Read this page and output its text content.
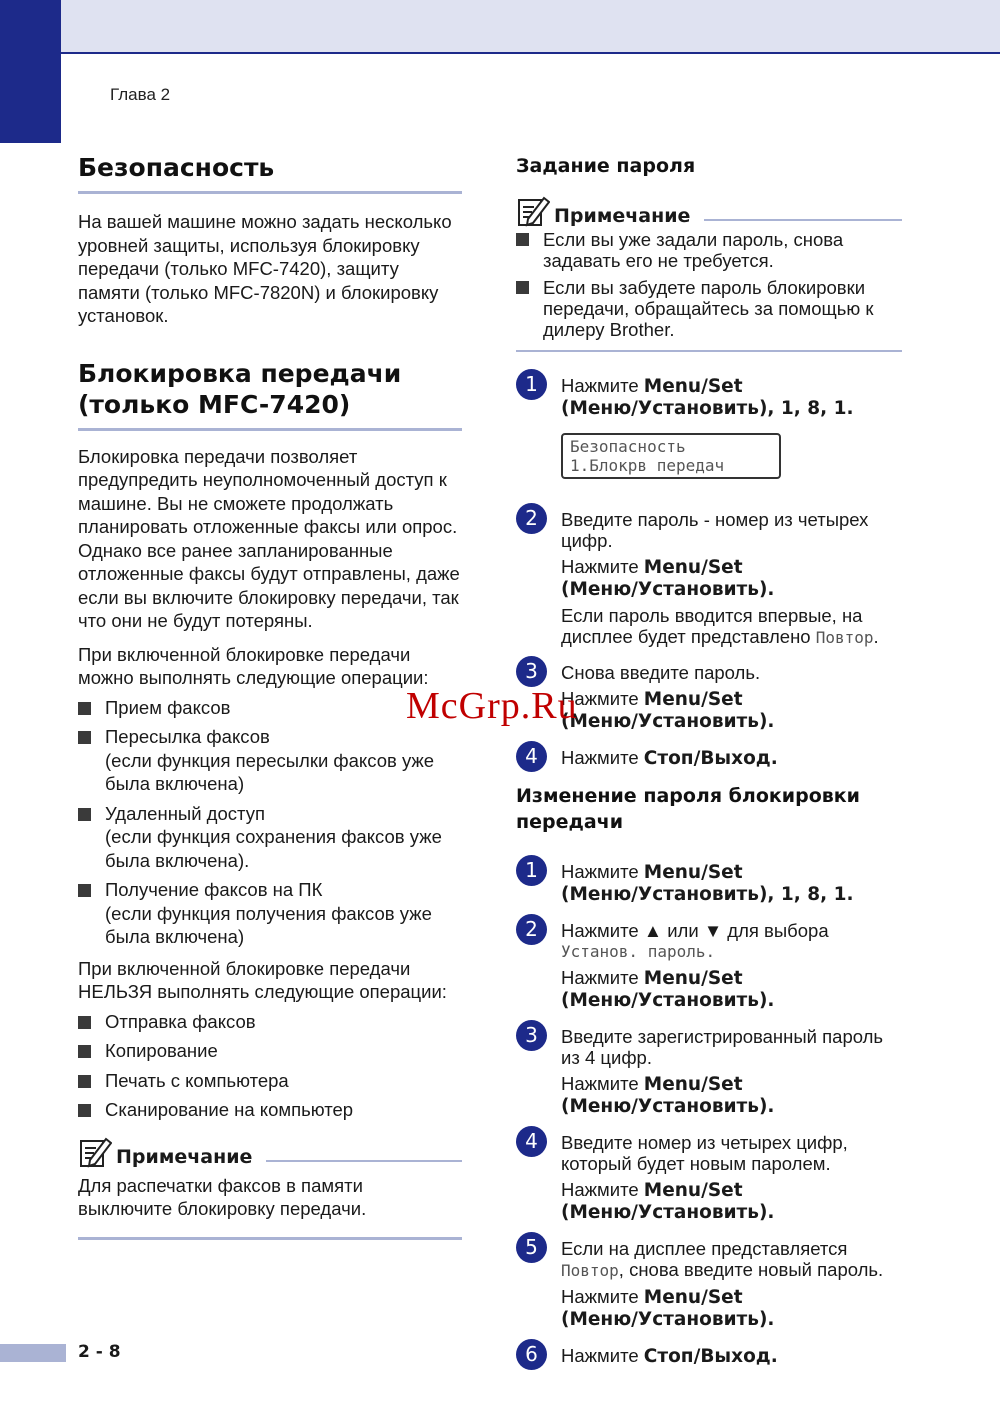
Глава 2
Безопасность

На вашей машине можно задать несколько уровней защиты, используя блокировку передачи (только MFC-7420), защиту памяти (только MFC-7820N) и блокировку установок.

Блокировка передачи
(только MFC-7420)

Блокировка передачи позволяет предупредить неуполномоченный доступ к машине. Вы не сможете продолжать планировать отложенные факсы или опрос. Однако все ранее запланированные отложенные факсы будут отправлены, даже если вы включите блокировку передачи, так что они не будут потеряны.

При включенной блокировке передачи можно выполнять следующие операции:

Прием факсов
Пересылка факсов
(если функция пересылки факсов уже была включена)
Удаленный доступ
(если функция сохранения факсов уже была включена).
Получение факсов на ПК
(если функция получения факсов уже была включена)

При включенной блокировке передачи НЕЛЬЗЯ выполнять следующие операции:

Отправка факсов
Копирование
Печать с компьютера
Сканирование на компьютер
Примечание

Для распечатки факсов в памяти выключите блокировку передачи.

Задание пароля
Примечание
Если вы уже задали пароль, снова задавать его не требуется.
Если вы забудете пароль блокировки передачи, обращайтесь за помощью к дилеру Brother.
1	Нажмите Menu/Set
(Меню/Установить), 1, 8, 1.
Безопасность
1.Блокрв передач
2	Введите пароль - номер из четырех цифр.
Нажмите Menu/Set
(Меню/Установить).
Если пароль вводится впервые, на дисплее будет представлено Повтор.
3	Снова введите пароль.
Нажмите Menu/Set
(Меню/Установить).
4	Нажмите Стоп/Выход.
Изменение пароля блокировки передачи
1	Нажмите Menu/Set
(Меню/Установить), 1, 8, 1.
2	Нажмите ▲ или ▼ для выбора
Установ. пароль.
Нажмите Menu/Set
(Меню/Установить).
3	Введите зарегистрированный пароль из 4 цифр.
Нажмите Menu/Set
(Меню/Установить).
4	Введите номер из четырех цифр, который будет новым паролем.
Нажмите Menu/Set
(Меню/Установить).
5	Если на дисплее представляется
Повтор, снова введите новый пароль.
Нажмите Menu/Set
(Меню/Установить).
6	Нажмите Стоп/Выход.
McGrp.Ru
2 - 8
